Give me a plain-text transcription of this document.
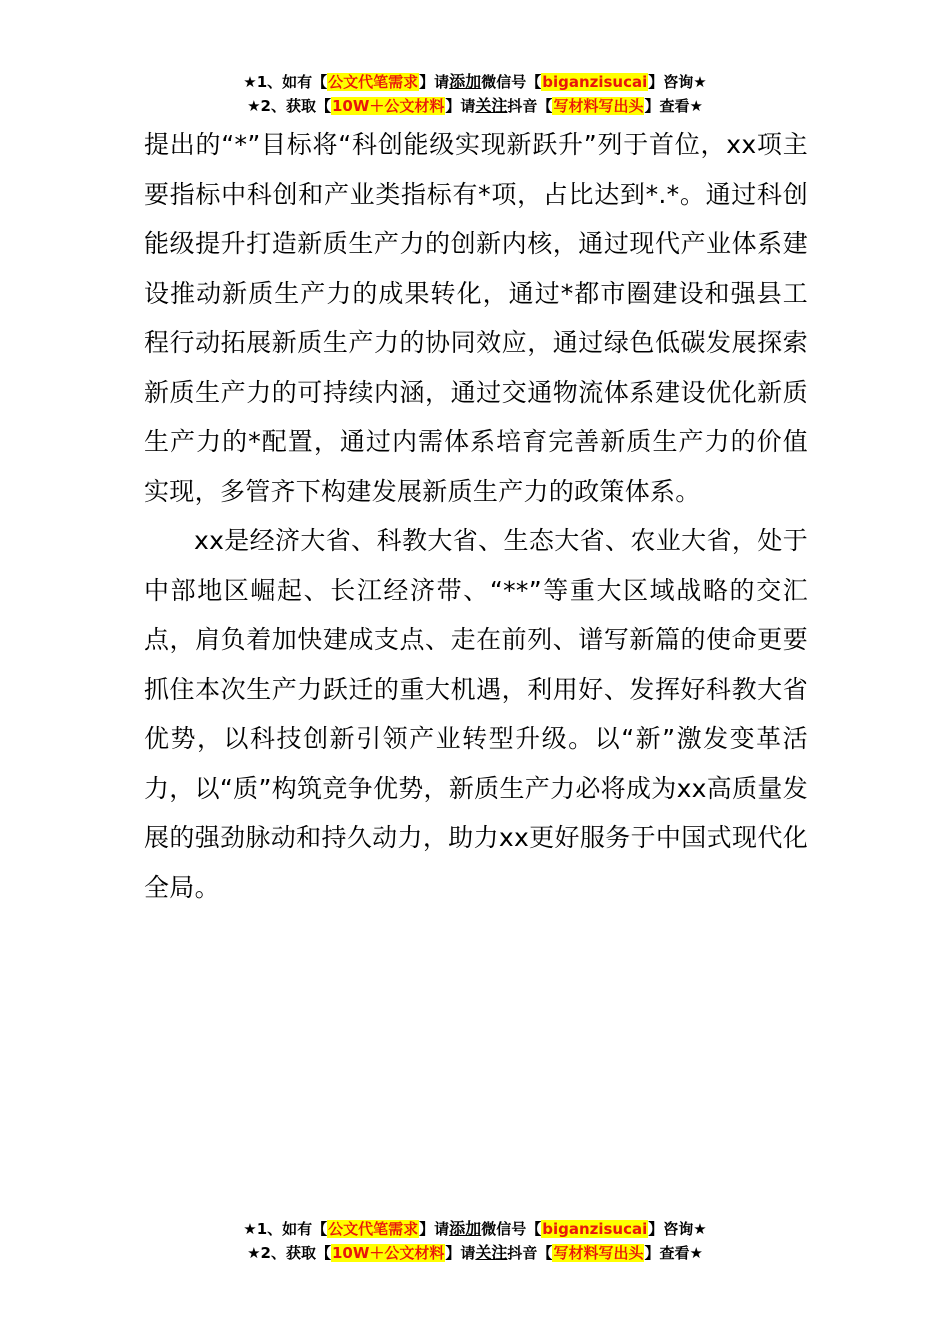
★1、如有【公文代笔需求】请添加微信号【biganzisucai】咨询★
★2、获取【10W＋公文材料】请关注抖音【写材料写出头】查看★

提出的“*”目标将“科创能级实现新跃升”列于首位，xx项主要指标中科创和产业类指标有*项，占比达到*.*。通过科创能级提升打造新质生产力的创新内核，通过现代产业体系建设推动新质生产力的成果转化，通过*都市圈建设和强县工程行动拓展新质生产力的协同效应，通过绿色低碳发展探索新质生产力的可持续内涵，通过交通物流体系建设优化新质生产力的*配置，通过内需体系培育完善新质生产力的价值实现，多管齐下构建发展新质生产力的政策体系。

xx是经济大省、科教大省、生态大省、农业大省，处于中部地区崛起、长江经济带、“**”等重大区域战略的交汇点，肩负着加快建成支点、走在前列、谱写新篇的使命更要抓住本次生产力跃迁的重大机遇，利用好、发挥好科教大省优势，以科技创新引领产业转型升级。以“新”激发变革活力，以“质”构筑竞争优势，新质生产力必将成为xx高质量发展的强劲脉动和持久动力，助力xx更好服务于中国式现代化全局。

★1、如有【公文代笔需求】请添加微信号【biganzisucai】咨询★
★2、获取【10W＋公文材料】请关注抖音【写材料写出头】查看★
